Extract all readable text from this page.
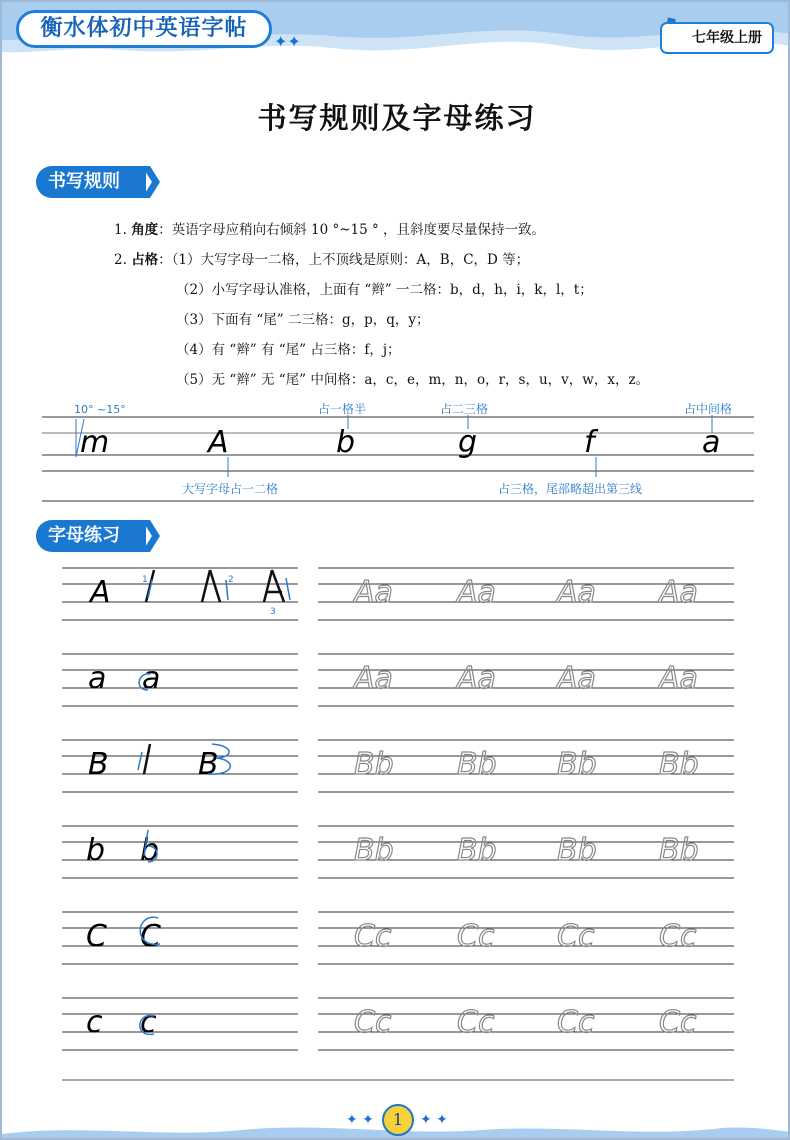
衡水体初中英语字帖
✦✦	七年级上册
书写规则及字母练习
书写规则
1. 角度：英语字母应稍向右倾斜 10 °~15 ° ，且斜度要尽量保持一致。
2. 占格：（1）大写字母一二格，上不顶线是原则：A，B，C，D 等；
（2）小写字母认准格，上面有 “辫” 一二格：b，d，h，i，k，l，t；
（3）下面有 “尾” 二三格：g，p，q，y；
（4）有 “辫” 有 “尾” 占三格：f，j；
（5）无 “辫” 无 “尾” 中间格：a，c，e，m，n，o，r，s，u，v，w，x，z。
10° ~15°
m	A	b	g	f	a
占一格半	占二三格	占中间格
大写字母占一二格	占三格，尾部略超出第三线
字母练习
A	1	2
3
Aa Aa Aa Aa
a a	Aa Aa Aa Aa
B	B	Bb Bb Bb Bb
b b	Bb Bb Bb Bb
C C	Cc Cc Cc Cc
c c	Cc Cc Cc Cc
✦ ✦	1	✦ ✦
